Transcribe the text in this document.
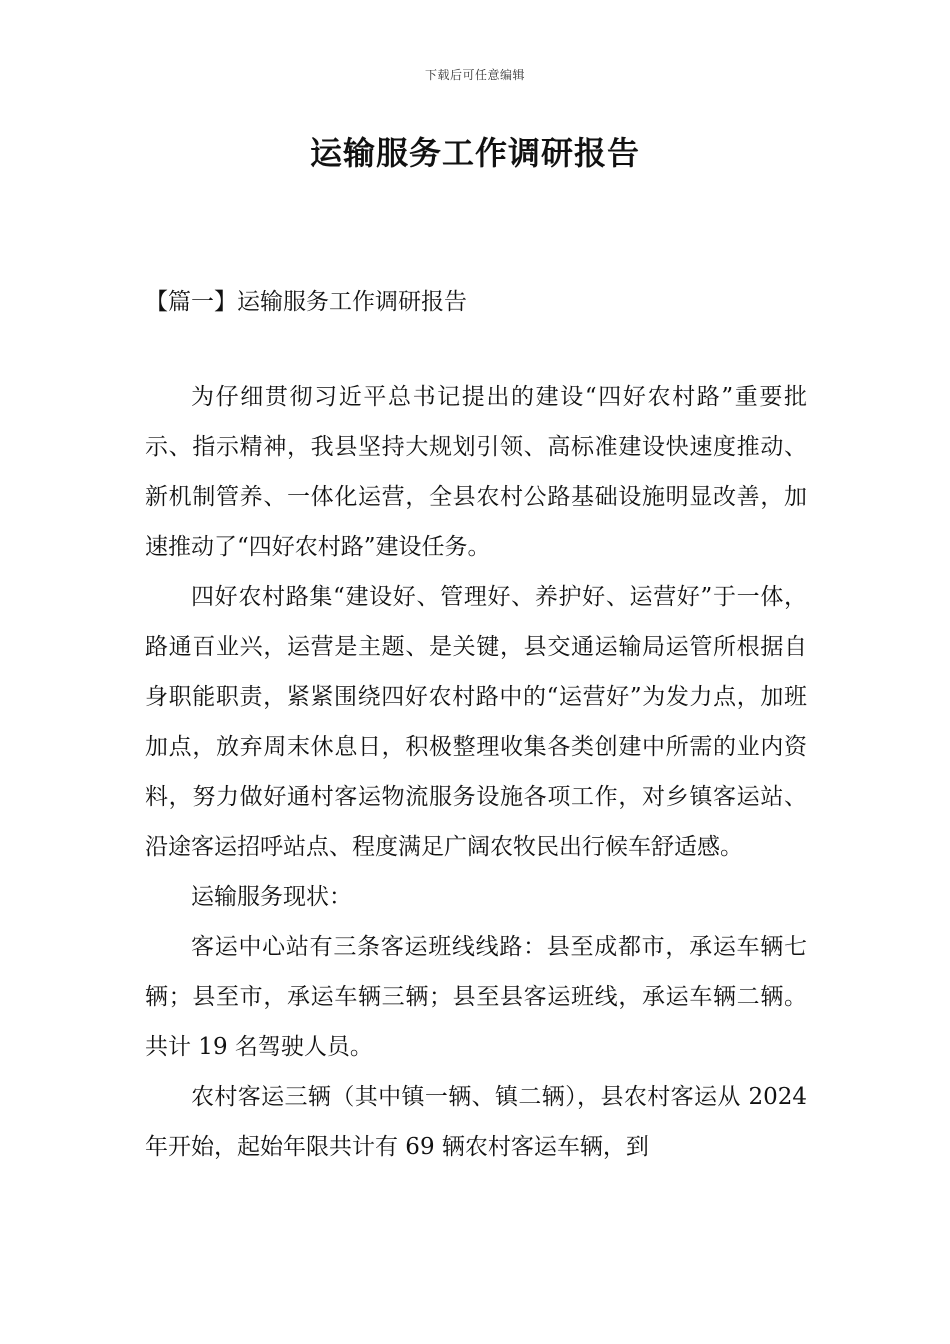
下载后可任意编辑
运输服务工作调研报告
【篇一】运输服务工作调研报告

为仔细贯彻习近平总书记提出的建设“四好农村路”重要批示、指示精神，我县坚持大规划引领、高标准建设快速度推动、新机制管养、一体化运营，全县农村公路基础设施明显改善，加速推动了“四好农村路”建设任务。

四好农村路集“建设好、管理好、养护好、运营好”于一体，路通百业兴，运营是主题、是关键，县交通运输局运管所根据自身职能职责，紧紧围绕四好农村路中的“运营好”为发力点，加班加点，放弃周末休息日，积极整理收集各类创建中所需的业内资料，努力做好通村客运物流服务设施各项工作，对乡镇客运站、沿途客运招呼站点、程度满足广阔农牧民出行候车舒适感。

运输服务现状：

客运中心站有三条客运班线线路：县至成都市，承运车辆七辆；县至市，承运车辆三辆；县至县客运班线，承运车辆二辆。共计 19 名驾驶人员。

农村客运三辆（其中镇一辆、镇二辆），县农村客运从 2024 年开始，起始年限共计有 69 辆农村客运车辆，到
